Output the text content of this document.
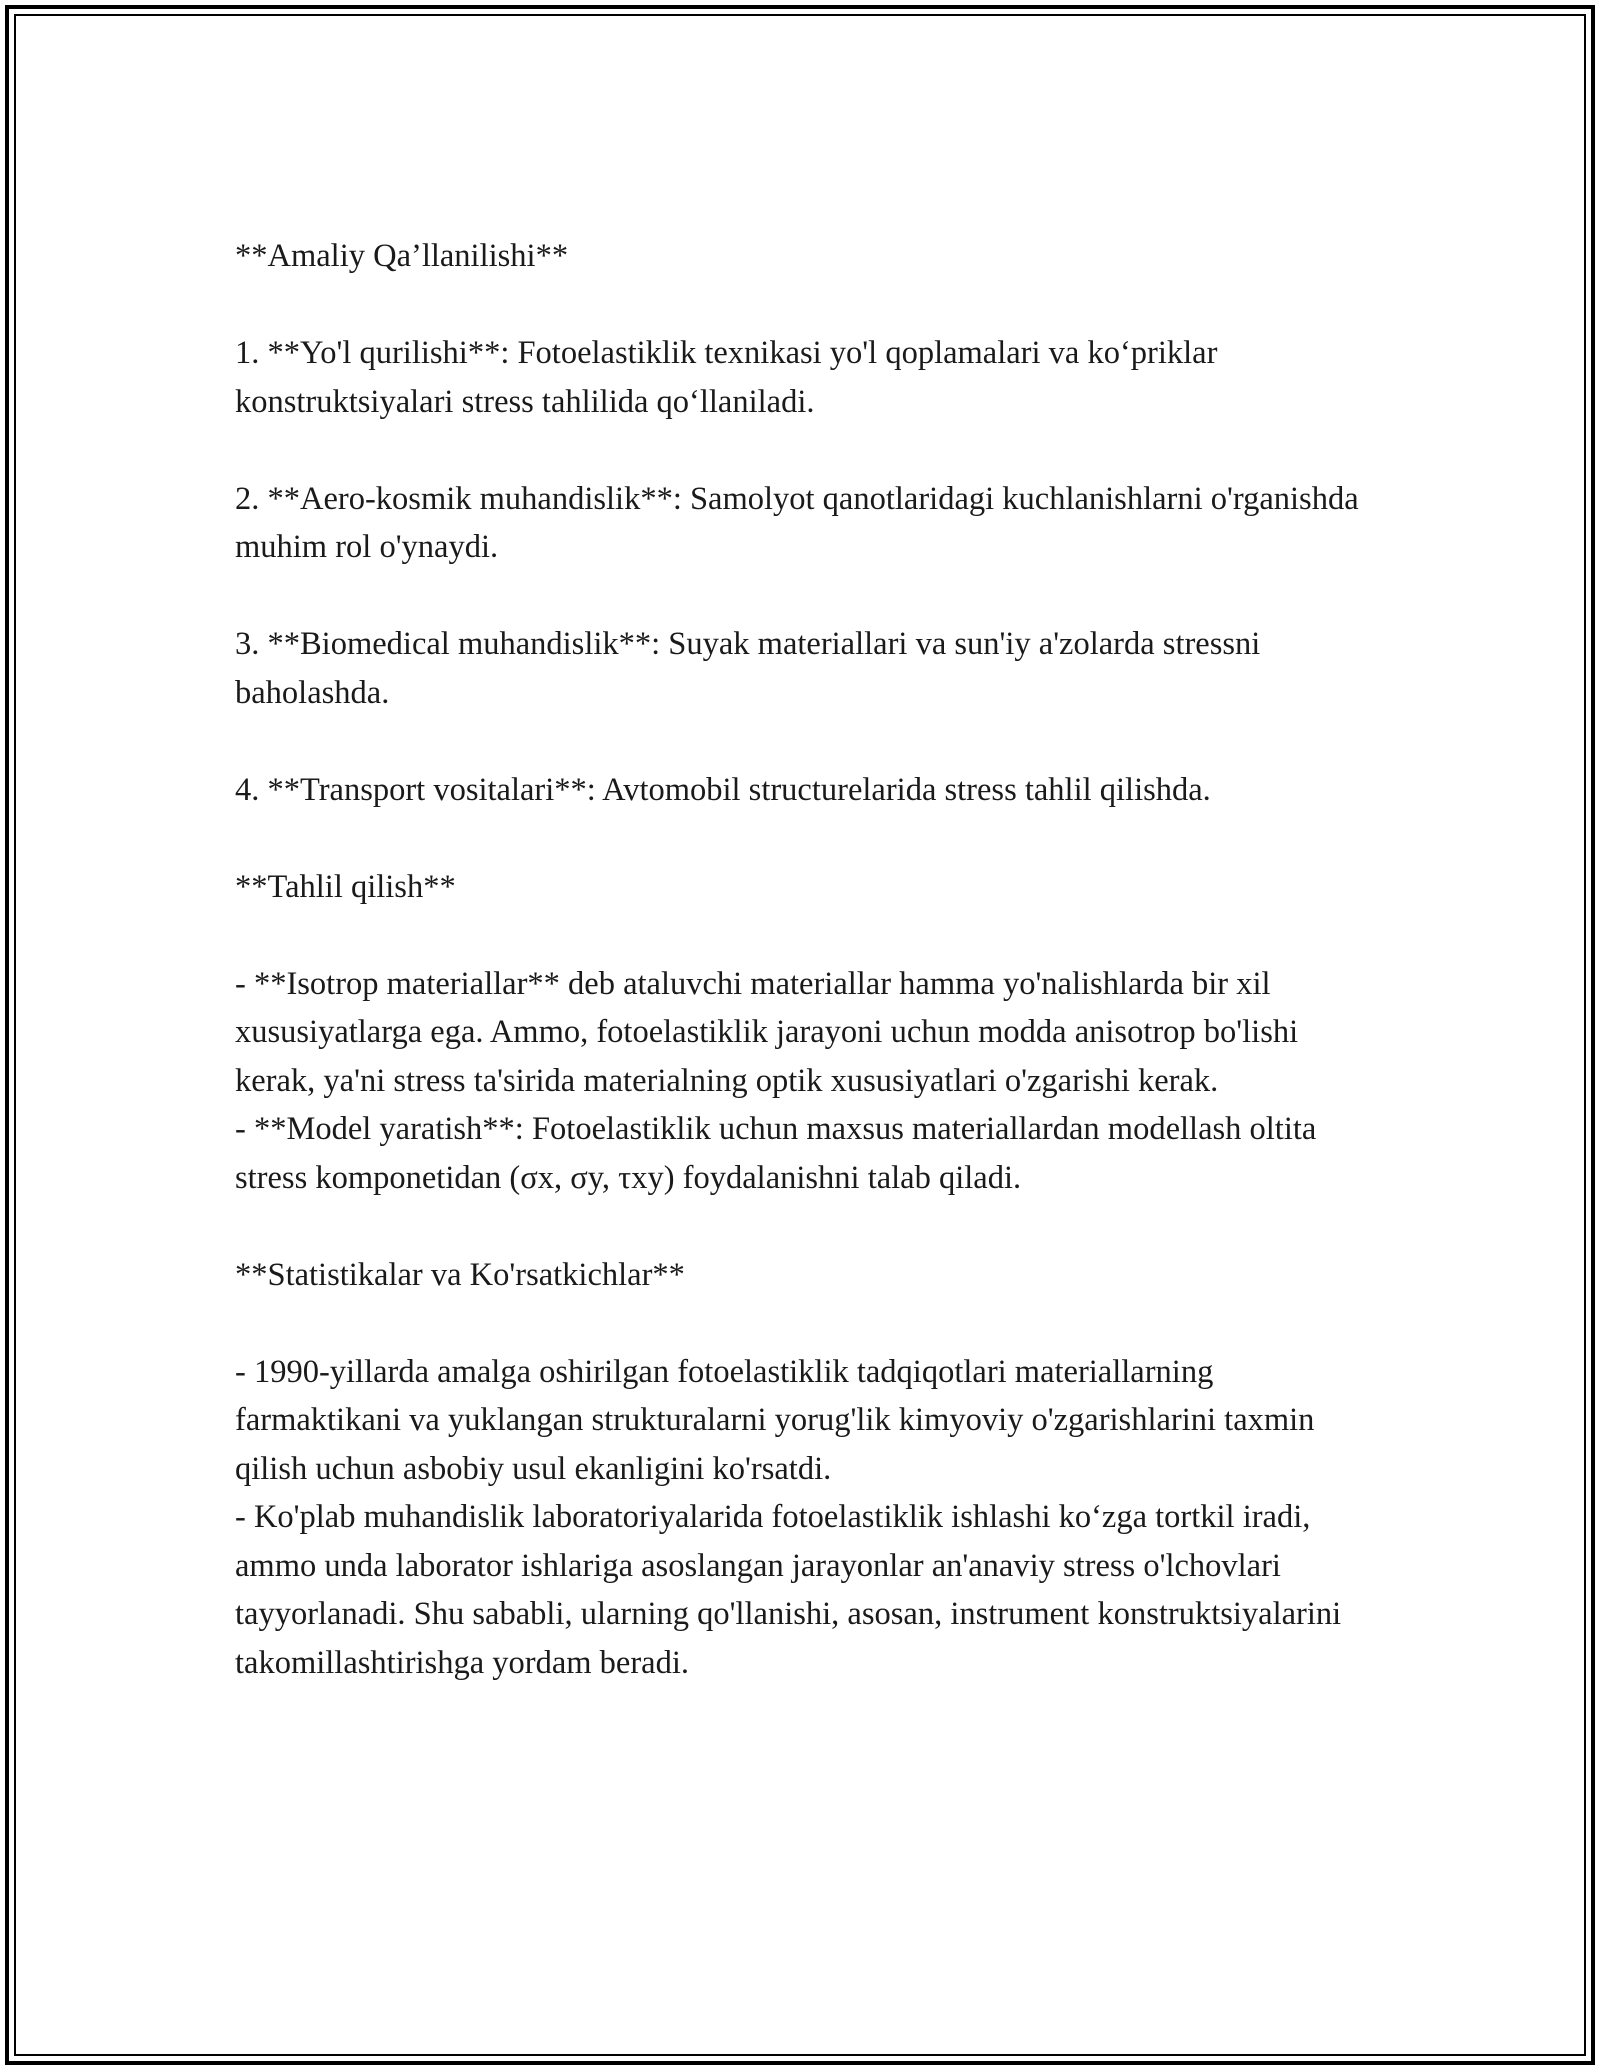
**Amaliy Qa’llanilishi**

1. **Yo'l qurilishi**: Fotoelastiklik texnikasi yo'l qoplamalari va ko‘priklar konstruktsiyalari stress tahlilida qo‘llaniladi.

2. **Aero-kosmik muhandislik**: Samolyot qanotlaridagi kuchlanishlarni o'rganishda muhim rol o'ynaydi.

3. **Biomedical muhandislik**: Suyak materiallari va sun'iy a'zolarda stressni baholashda.

4. **Transport vositalari**: Avtomobil structurelarida stress tahlil qilishda.

**Tahlil qilish**

- **Isotrop materiallar** deb ataluvchi materiallar hamma yo'nalishlarda bir xil xususiyatlarga ega. Ammo, fotoelastiklik jarayoni uchun modda anisotrop bo'lishi kerak, ya'ni stress ta'sirida materialning optik xususiyatlari o'zgarishi kerak.

- **Model yaratish**: Fotoelastiklik uchun maxsus materiallardan modellash oltita stress komponetidan (σx, σy, τxy) foydalanishni talab qiladi.

**Statistikalar va Ko'rsatkichlar**

- 1990-yillarda amalga oshirilgan fotoelastiklik tadqiqotlari materiallarning farmaktikani va yuklangan strukturalarni yorug'lik kimyoviy o'zgarishlarini taxmin qilish uchun asbobiy usul ekanligini ko'rsatdi.

- Ko'plab muhandislik laboratoriyalarida fotoelastiklik ishlashi ko‘zga tortkil iradi, ammo unda laborator ishlariga asoslangan jarayonlar an'anaviy stress o'lchovlari tayyorlanadi. Shu sababli, ularning qo'llanishi, asosan, instrument konstruktsiyalarini takomillashtirishga yordam beradi.
